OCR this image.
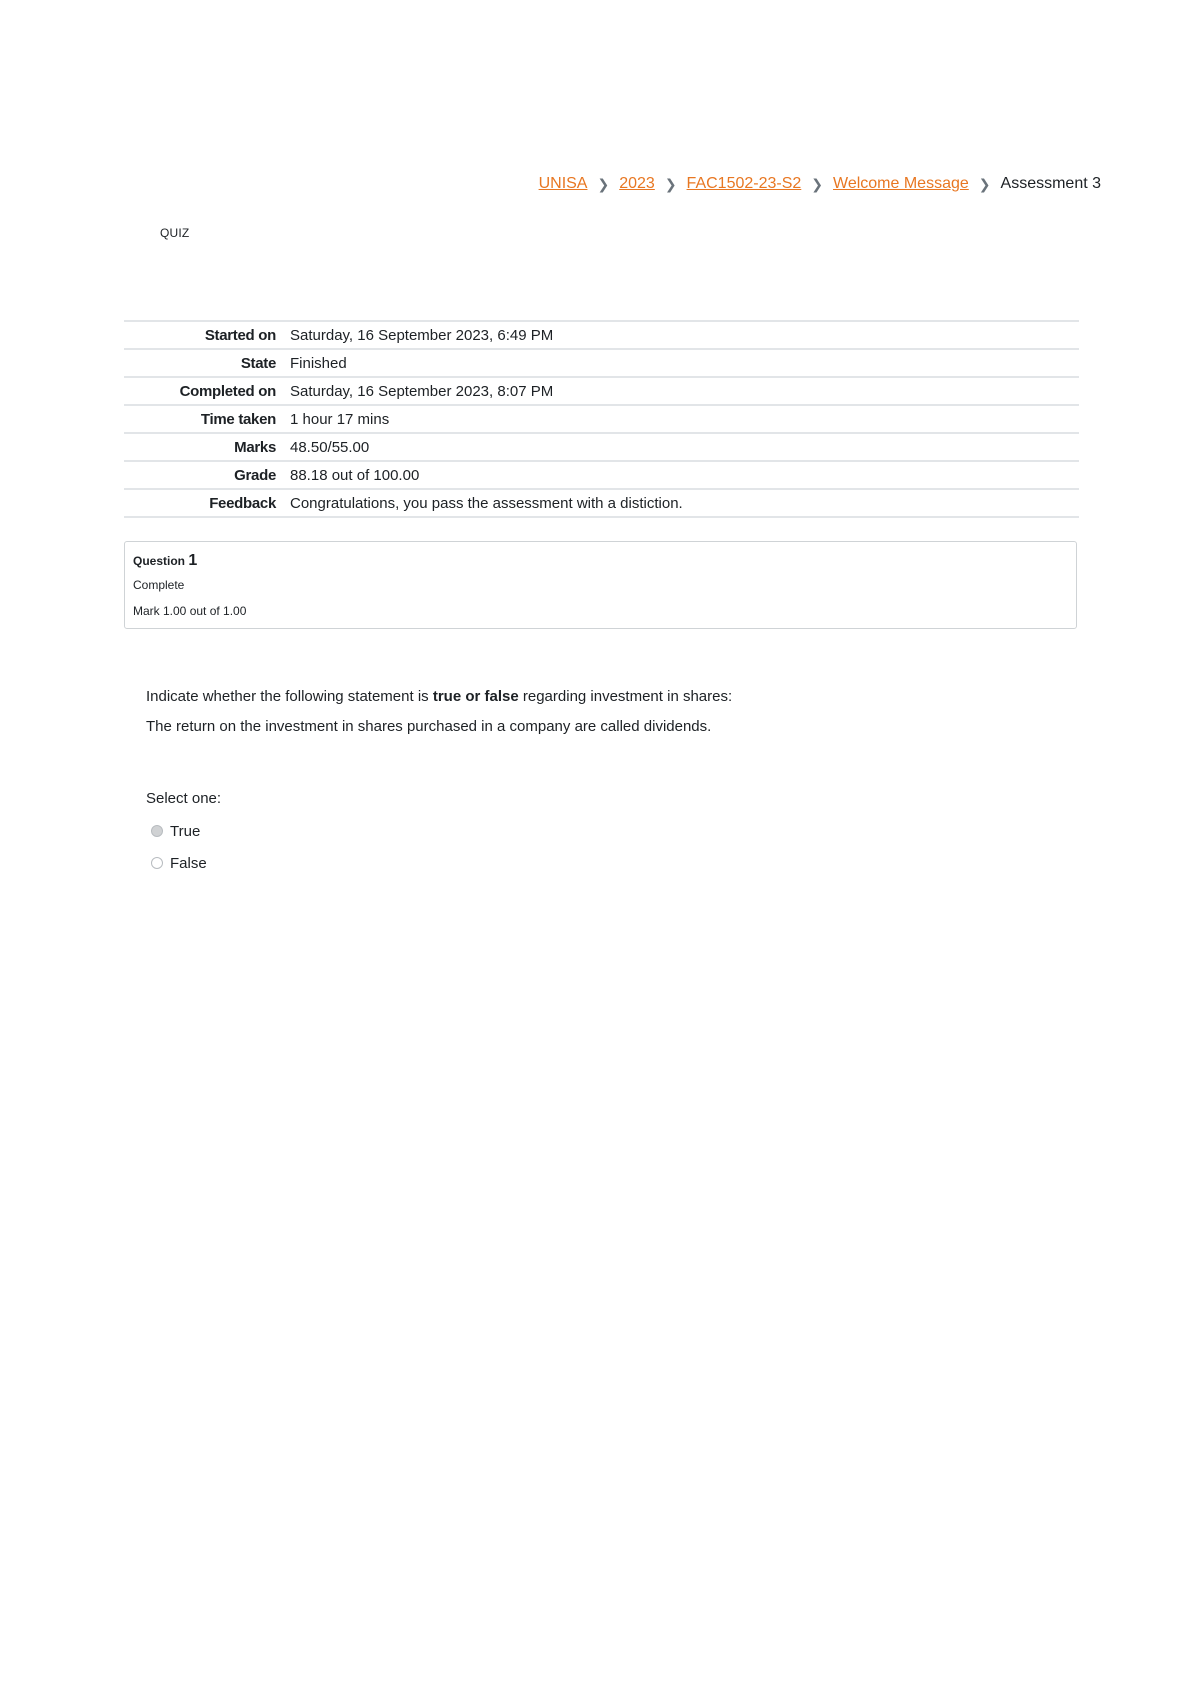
UNISA ❯ 2023 ❯ FAC1502-23-S2 ❯ Welcome Message ❯ Assessment 3
QUIZ
Started on	Saturday, 16 September 2023, 6:49 PM
State	Finished
Completed on	Saturday, 16 September 2023, 8:07 PM
Time taken	1 hour 17 mins
Marks	48.50/55.00
Grade	88.18 out of 100.00
Feedback	Congratulations, you pass the assessment with a distiction.
Question 1
Complete
Mark 1.00 out of 1.00
Indicate whether the following statement is true or false regarding investment in shares:
The return on the investment in shares purchased in a company are called dividends.
Select one:
True
False
